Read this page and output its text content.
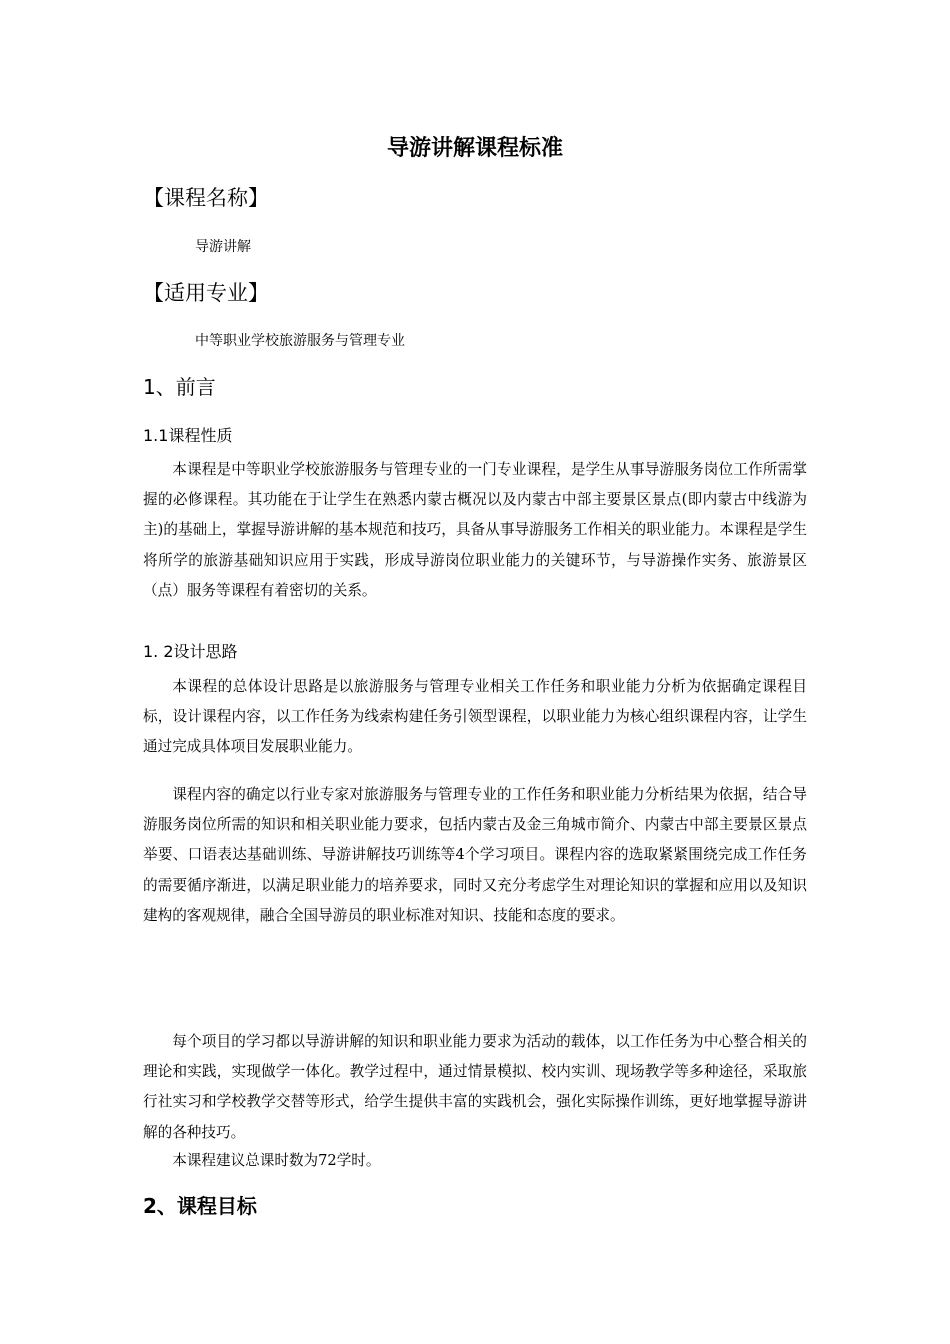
导游讲解课程标准
【课程名称】

导游讲解

【适用专业】

中等职业学校旅游服务与管理专业

1、前言
1.1课程性质

本课程是中等职业学校旅游服务与管理专业的一门专业课程，是学生从事导游服务岗位工作所需掌握的必修课程。其功能在于让学生在熟悉内蒙古概况以及内蒙古中部主要景区景点(即内蒙古中线游为主)的基础上，掌握导游讲解的基本规范和技巧，具备从事导游服务工作相关的职业能力。本课程是学生将所学的旅游基础知识应用于实践，形成导游岗位职业能力的关键环节，与导游操作实务、旅游景区（点）服务等课程有着密切的关系。

1. 2设计思路

本课程的总体设计思路是以旅游服务与管理专业相关工作任务和职业能力分析为依据确定课程目标，设计课程内容，以工作任务为线索构建任务引领型课程，以职业能力为核心组织课程内容，让学生通过完成具体项目发展职业能力。

课程内容的确定以行业专家对旅游服务与管理专业的工作任务和职业能力分析结果为依据，结合导游服务岗位所需的知识和相关职业能力要求，包括内蒙古及金三角城市简介、内蒙古中部主要景区景点举要、口语表达基础训练、导游讲解技巧训练等4个学习项目。课程内容的选取紧紧围绕完成工作任务的需要循序渐进，以满足职业能力的培养要求，同时又充分考虑学生对理论知识的掌握和应用以及知识建构的客观规律，融合全国导游员的职业标准对知识、技能和态度的要求。

每个项目的学习都以导游讲解的知识和职业能力要求为活动的载体，以工作任务为中心整合相关的理论和实践，实现做学一体化。教学过程中，通过情景模拟、校内实训、现场教学等多种途径，采取旅行社实习和学校教学交替等形式，给学生提供丰富的实践机会，强化实际操作训练，更好地掌握导游讲解的各种技巧。

本课程建议总课时数为72学时。

2、课程目标
